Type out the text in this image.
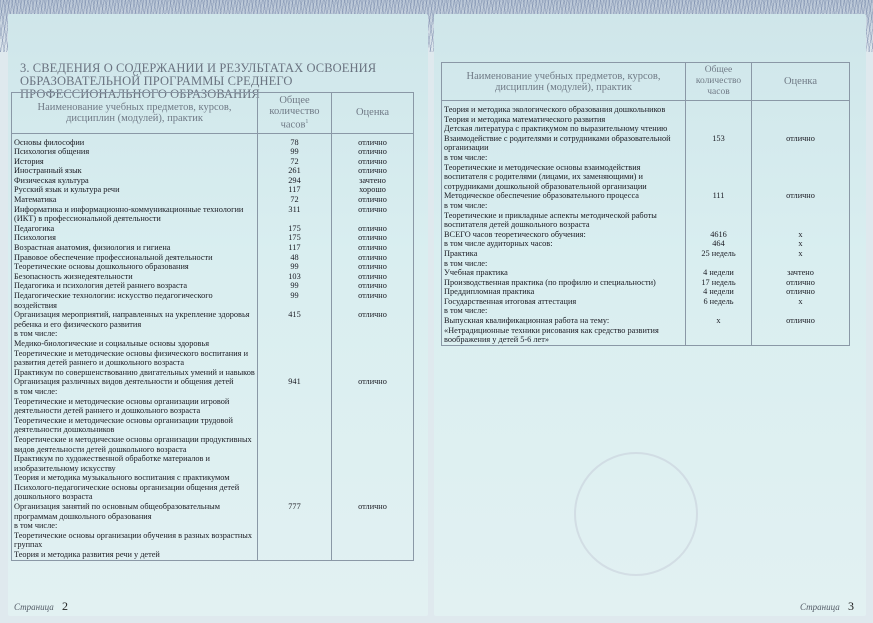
3. СВЕДЕНИЯ О СОДЕРЖАНИИ И РЕЗУЛЬТАТАХ ОСВОЕНИЯ ОБРАЗОВАТЕЛЬНОЙ ПРОГРАММЫ СРЕДНЕГО ПРОФЕССИОНАЛЬНОГО ОБРАЗОВАНИЯ
Наименование учебных предметов, курсов, дисциплин (модулей), практик	Общее количество часов$^1$	Оценка
Основы философии	78	отлично
Психология общения	99	отлично
История	72	отлично
Иностранный язык	261	отлично
Физическая культура	294	зачтено
Русский язык и культура речи	117	хорошо
Математика	72	отлично
Информатика и информационно-коммуникационные технологии (ИКТ) в профессиональной деятельности	311	отлично
Педагогика	175	отлично
Психология	175	отлично
Возрастная анатомия, физиология и гигиена	117	отлично
Правовое обеспечение профессиональной деятельности	48	отлично
Теоретические основы дошкольного образования	99	отлично
Безопасность жизнедеятельности	103	отлично
Педагогика и психология детей раннего возраста	99	отлично
Педагогические технологии: искусство педагогического воздействия	99	отлично
Организация мероприятий, направленных на укрепление здоровья ребенка и его физического развития	415	отлично
в том числе:		
Медико-биологические и социальные основы здоровья		
Теоретические и методические основы физического воспитания и развития детей раннего и дошкольного возраста		
Практикум по совершенствованию двигательных умений и навыков		
Организация различных видов деятельности и общения детей	941	отлично
в том числе:		
Теоретические и методические основы организации игровой деятельности детей раннего и дошкольного возраста		
Теоретические и методические основы организации трудовой деятельности дошкольников		
Теоретические и методические основы организации продуктивных видов деятельности детей дошкольного возраста		
Практикум по художественной обработке материалов и изобразительному искусству		
Теория и методика музыкального воспитания с практикумом		
Психолого-педагогические основы организации общения детей дошкольного возраста		
Организация занятий по основным общеобразовательным программам дошкольного образования	777	отлично
в том числе:		
Теоретические основы организации обучения в разных возрастных группах		
Теория и методика развития речи у детей		
Страница 2
Наименование учебных предметов, курсов, дисциплин (модулей), практик	Общее количество часов	Оценка
Теория и методика экологического образования дошкольников		
Теория и методика математического развития		
Детская литература с практикумом по выразительному чтению		
Взаимодействие с родителями и сотрудниками образовательной организации	153	отлично
в том числе:		
Теоретические и методические основы взаимодействия воспитателя с родителями (лицами, их заменяющими) и сотрудниками дошкольной образовательной организации		
Методическое обеспечение образовательного процесса	111	отлично
в том числе:		
Теоретические и прикладные аспекты методической работы воспитателя детей дошкольного возраста		
ВСЕГО часов теоретического обучения:	4616	x
в том числе аудиторных часов:	464	x
Практика	25 недель	x
в том числе:		
Учебная практика	4 недели	зачтено
Производственная практика (по профилю и специальности)	17 недель	отлично
Преддипломная практика	4 недели	отлично
Государственная итоговая аттестация	6 недель	x
в том числе:		
Выпускная квалификационная работа на тему:	x	отлично
«Нетрадиционные техники рисования как средство развития воображения у детей 5-6 лет»		
Страница 3
